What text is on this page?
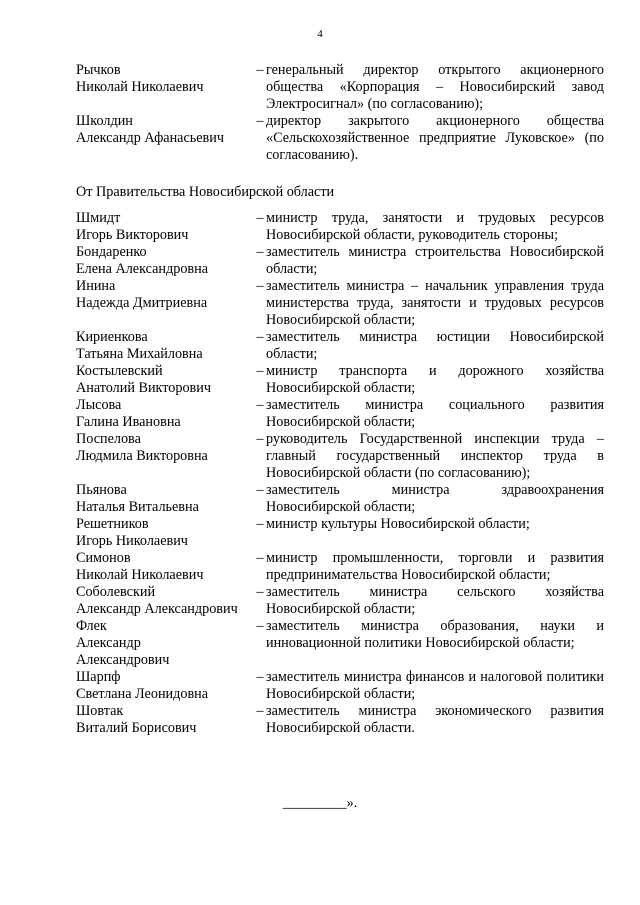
4
Рычков
Николай Николаевич
– генеральный директор открытого акционерного общества «Корпорация – Новосибирский завод Электросигнал» (по согласованию);
Школдин
Александр Афанасьевич
– директор закрытого акционерного общества «Сельскохозяйственное предприятие Луковское» (по согласованию).
От Правительства Новосибирской области
Шмидт
Игорь Викторович
– министр труда, занятости и трудовых ресурсов Новосибирской области, руководитель стороны;
Бондаренко
Елена Александровна
– заместитель министра строительства Новосибирской области;
Инина
Надежда Дмитриевна
– заместитель министра – начальник управления труда министерства труда, занятости и трудовых ресурсов Новосибирской области;
Кириенкова
Татьяна Михайловна
– заместитель министра юстиции Новосибирской области;
Костылевский
Анатолий Викторович
– министр транспорта и дорожного хозяйства Новосибирской области;
Лысова
Галина Ивановна
– заместитель министра социального развития Новосибирской области;
Поспелова
Людмила Викторовна
– руководитель Государственной инспекции труда – главный государственный инспектор труда в Новосибирской области (по согласованию);
Пьянова
Наталья Витальевна
– заместитель министра здравоохранения Новосибирской области;
Решетников
Игорь Николаевич
– министр культуры Новосибирской области;
Симонов
Николай Николаевич
– министр промышленности, торговли и развития предпринимательства Новосибирской области;
Соболевский
Александр Александрович
– заместитель министра сельского хозяйства Новосибирской области;
Флек
Александр
Александрович
– заместитель министра образования, науки и инновационной политики Новосибирской области;
Шарпф
Светлана Леонидовна
– заместитель министра финансов и налоговой политики Новосибирской области;
Шовтак
Виталий Борисович
– заместитель министра экономического развития Новосибирской области.
_________».
